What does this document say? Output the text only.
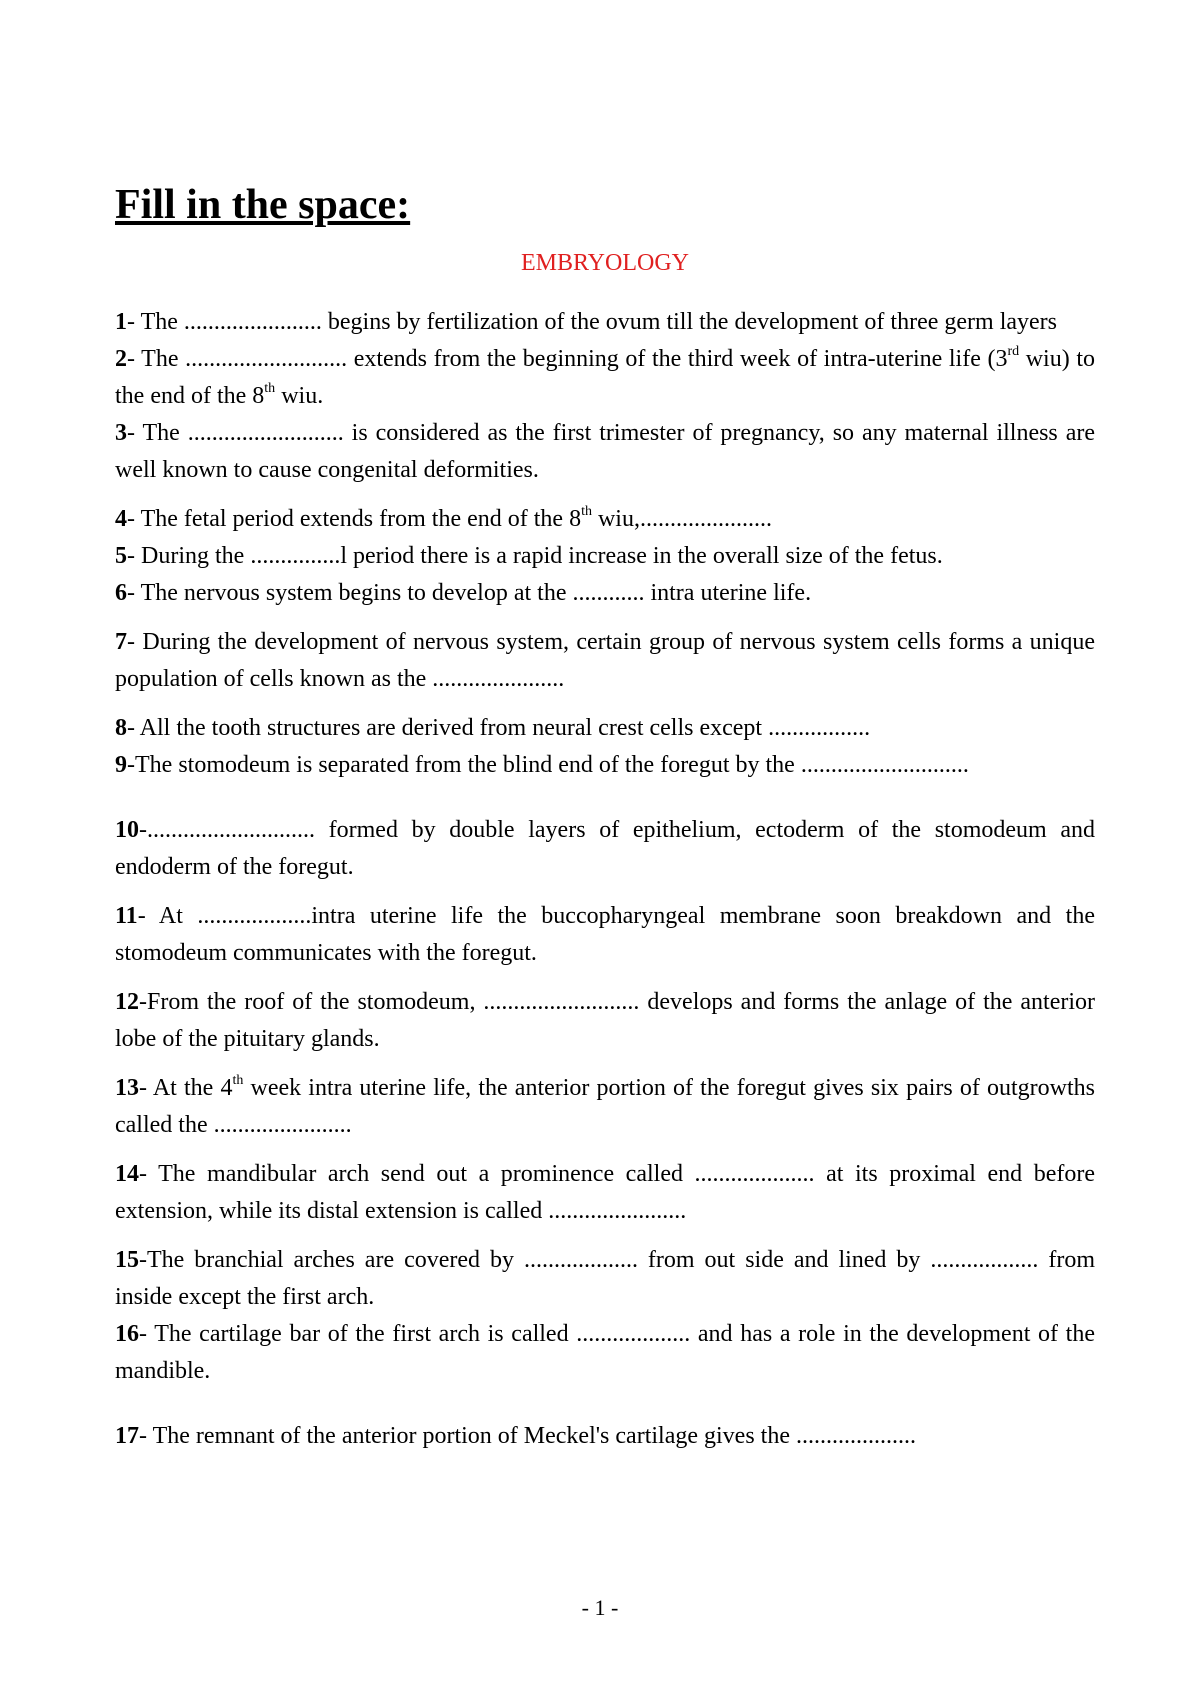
Fill in the space:
EMBRYOLOGY

1- The ....................... begins by fertilization of the ovum till the development of three germ layers

2- The ........................... extends from the beginning of the third week of intra-uterine life (3rd wiu) to the end of the 8th wiu.

3- The .......................... is considered as the first trimester of pregnancy, so any maternal illness are well known to cause congenital deformities.

4- The fetal period extends from the end of the 8th wiu,......................

5- During the ...............l period there is a rapid increase in the overall size of the fetus.

6- The nervous system begins to develop at the ............ intra uterine life.

7- During the development of nervous system, certain group of nervous system cells forms a unique population of cells known as the ......................

8- All the tooth structures are derived from neural crest cells except .................

9-The stomodeum is separated from the blind end of the foregut by the ............................

10-............................ formed by double layers of epithelium, ectoderm of the stomodeum and endoderm of the foregut.

11- At ...................intra uterine life the buccopharyngeal membrane soon breakdown and the stomodeum communicates with the foregut.

12-From the roof of the stomodeum, .......................... develops and forms the anlage of the anterior lobe of the pituitary glands.

13- At the 4th week intra uterine life, the anterior portion of the foregut gives six pairs of outgrowths called the .......................

14- The mandibular arch send out a prominence called .................... at its proximal end before extension, while its distal extension is called .......................

15-The branchial arches are covered by ................... from out side and lined by .................. from inside except the first arch.

16- The cartilage bar of the first arch is called ................... and has a role in the development of the mandible.

17- The remnant of the anterior portion of Meckel's cartilage gives the ....................

- 1 -
